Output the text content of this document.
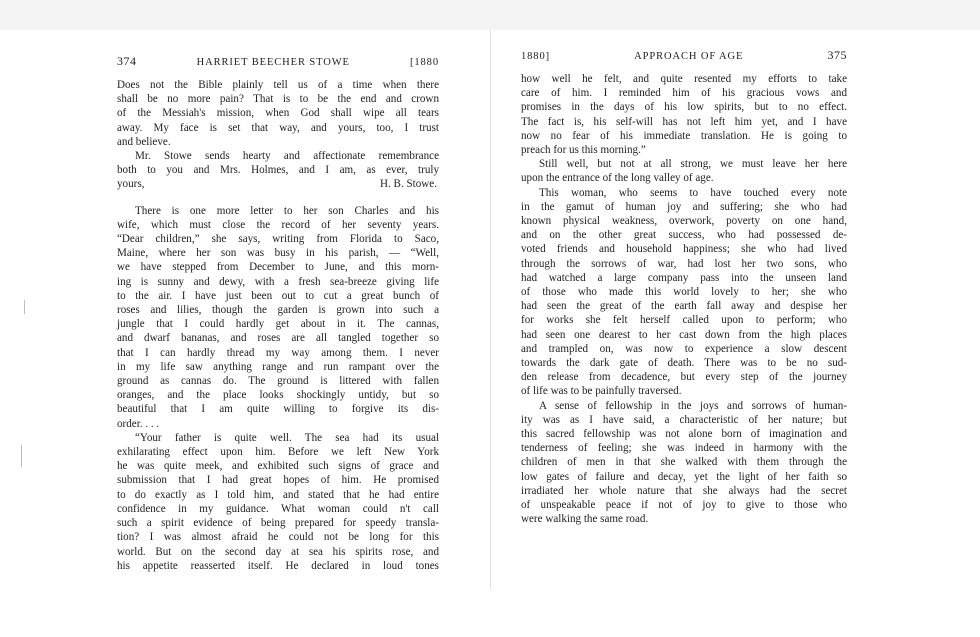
374	HARRIET BEECHER STOWE	[1880
Does not the Bible plainly tell us of a time when there
shall be no more pain? That is to be the end and crown
of the Messiah's mission, when God shall wipe all tears
away. My face is set that way, and yours, too, I trust
and believe.
Mr. Stowe sends hearty and affectionate remembrance
both to you and Mrs. Holmes, and I am, as ever, truly
yours,	H. B. Stowe.
There is one more letter to her son Charles and his
wife, which must close the record of her seventy years.
“Dear children,” she says, writing from Florida to Saco,
Maine, where her son was busy in his parish, — “Well,
we have stepped from December to June, and this morn-
ing is sunny and dewy, with a fresh sea-breeze giving life
to the air. I have just been out to cut a great bunch of
roses and lilies, though the garden is grown into such a
jungle that I could hardly get about in it. The cannas,
and dwarf bananas, and roses are all tangled together so
that I can hardly thread my way among them. I never
in my life saw anything range and run rampant over the
ground as cannas do. The ground is littered with fallen
oranges, and the place looks shockingly untidy, but so
beautiful that I am quite willing to forgive its dis-
order. . . .
“Your father is quite well. The sea had its usual
exhilarating effect upon him. Before we left New York
he was quite meek, and exhibited such signs of grace and
submission that I had great hopes of him. He promised
to do exactly as I told him, and stated that he had entire
confidence in my guidance. What woman could n't call
such a spirit evidence of being prepared for speedy transla-
tion? I was almost afraid he could not be long for this
world. But on the second day at sea his spirits rose, and
his appetite reasserted itself. He declared in loud tones
1880]	APPROACH OF AGE	375
how well he felt, and quite resented my efforts to take
care of him. I reminded him of his gracious vows and
promises in the days of his low spirits, but to no effect.
The fact is, his self-will has not left him yet, and I have
now no fear of his immediate translation. He is going to
preach for us this morning.”
Still well, but not at all strong, we must leave her here
upon the entrance of the long valley of age.
This woman, who seems to have touched every note
in the gamut of human joy and suffering; she who had
known physical weakness, overwork, poverty on one hand,
and on the other great success, who had possessed de-
voted friends and household happiness; she who had lived
through the sorrows of war, had lost her two sons, who
had watched a large company pass into the unseen land
of those who made this world lovely to her; she who
had seen the great of the earth fall away and despise her
for works she felt herself called upon to perform; who
had seen one dearest to her cast down from the high places
and trampled on, was now to experience a slow descent
towards the dark gate of death. There was to be no sud-
den release from decadence, but every step of the journey
of life was to be painfully traversed.
A sense of fellowship in the joys and sorrows of human-
ity was as I have said, a characteristic of her nature; but
this sacred fellowship was not alone born of imagination and
tenderness of feeling; she was indeed in harmony with the
children of men in that she walked with them through the
low gates of failure and decay, yet the light of her faith so
irradiated her whole nature that she always had the secret
of unspeakable peace if not of joy to give to those who
were walking the same road.
